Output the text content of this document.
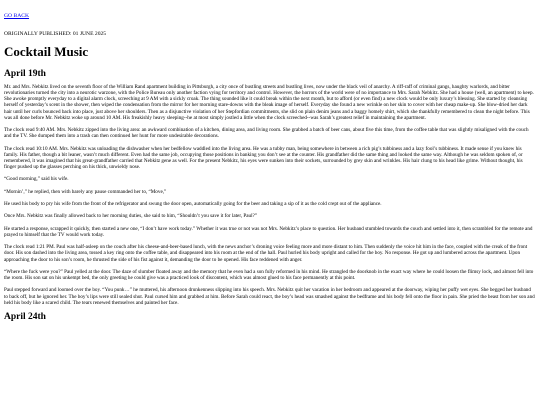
GO BACK
ORIGINALLY PUBLISHED: 01 JUNE 2025
Cocktail Music
April 19th

Mr. and Mrs. Nebkitz lived on the seventh floor of the William Rand apartment building in Pittsburgh, a city once of bustling streets and bustling lives, now under the black veil of anarchy. A riff-raff of criminal gangs, haughty warlords, and bitter revolutionaries turned the city into a neurotic warzone, with the Police Bureau only another faction vying for territory and control. However, the horrors of the world were of no importance to Mrs. Sarah Nebkitz. She had a house (well, an apartment) to keep. She awoke promptly everyday to a digital alarm clock, screeching at 9 AM with a sickly croak. The thing sounded like it could break within the next month, but to afford (or even find) a new clock would be only luxury’s blessing. She started by cleansing herself of yesterday’s scent in the shower, then wiped the condensation from the mirror for her morning stare-downs with the bleak image of herself. Everyday she found a new wrinkle on her skin to cover with her cheap make-up. She blow-dried her dark hair until her curls bounced back into place, just above her shoulders. Then as a disjunctive violation of her Stepfordian commitments, she slid on plain denim jeans and a baggy homely shirt, which she thankfully remembered to clean the night before. This was all done before Mr. Nebkitz woke up around 10 AM. His freakishly heavy sleeping--he at most simply jostled a little when the clock screeched--was Sarah’s greatest relief in maintaining the apartment.

The clock read 9:40 AM. Mrs. Nebkitz zipped into the living area: an awkward combination of a kitchen, dining area, and living room. She grabbed a batch of beer cans, about five this time, from the coffee table that was slightly misaligned with the couch and the TV. She dumped them into a trash can then continued her hunt for more undesirable decorations.

The clock read 10:10 AM. Mrs. Nebkitz was unloading the dishwasher when her bedfellow waddled into the living area. He was a tubby man, being somewhere in between a rich pig’s tubbiness and a lazy fool’s tubbiness. It made sense if you knew his family. His father, though a bit leaner, wasn’t much different. Even had the same job, occupying those positions in banking you don’t see at the counter. His grandfather did the same thing and looked the same way. Although he was seldom spoken of, or remembered, it was imagined that his great-grandfather carried that Nebkitz gene as well. For the present Nebkitz, his eyes were sunken into their sockets, surrounded by grey skin and wrinkles. His hair clung to his head like grime. Without thought, his finger pushed up the glasses perching on his thick, unwieldy nose.

“Good morning,” said his wife.

“Mornin’,” he replied, then with barely any pause commanded her to, “Move,”

He used his body to pry his wife from the front of the refrigerator and swung the door open, automatically going for the beer and taking a sip of it as the cold crept out of the appliance.

Once Mrs. Nebkitz was finally allowed back to her morning duties, she said to him, “Shouldn’t you save it for later, Paul?”

He started a response, scrapped it quickly, then started a new one, “I don’t have work today.” Whether it was true or not was not Mrs. Nebkitz’s place to question. Her husband stumbled towards the couch and settled into it, then scrambled for the remote and prayed to himself that the TV would work today.

The clock read 1:21 PM. Paul was half-asleep on the couch after his cheese-and-beer-based lunch, with the news anchor’s droning voice feeling more and more distant to him. Then suddenly the voice hit him in the face, coupled with the creak of the front door. His son dashed into the living area, tossed a key ring onto the coffee table, and disappeared into his room at the end of the hall. Paul hurled his body upright and called for the boy. No response. He got up and lumbered across the apartment. Upon approaching the door to his son’s room, he thrusted the side of his fist against it, demanding the door to be opened. His face reddened with anger.

“Where the fuck were you?” Paul yelled at the door. The daze of slumber floated away and the memory that he even had a son fully reformed in his mind. He strangled the doorknob in the exact way where he could loosen the flimsy lock, and almost fell into the room. His son sat on his unkempt bed, the only greeting he could give was a practiced look of discontent, which was almost glued to his face permanently at this point.

Paul stepped forward and loomed over the boy. “You punk…” he muttered, his afternoon drunkenness slipping into his speech. Mrs. Nebkitz quit her vacation in her bedroom and appeared at the doorway, wiping her puffy wet eyes. She begged her husband to back off, but he ignored her. The boy’s lips were still sealed shut. Paul cursed him and grabbed at him. Before Sarah could react, the boy’s head was smashed against the bedframe and his body fell onto the floor in pain. She pried the beast from her son and held his body like a scared child. The tears renewed themselves and painted her face.

April 24th
